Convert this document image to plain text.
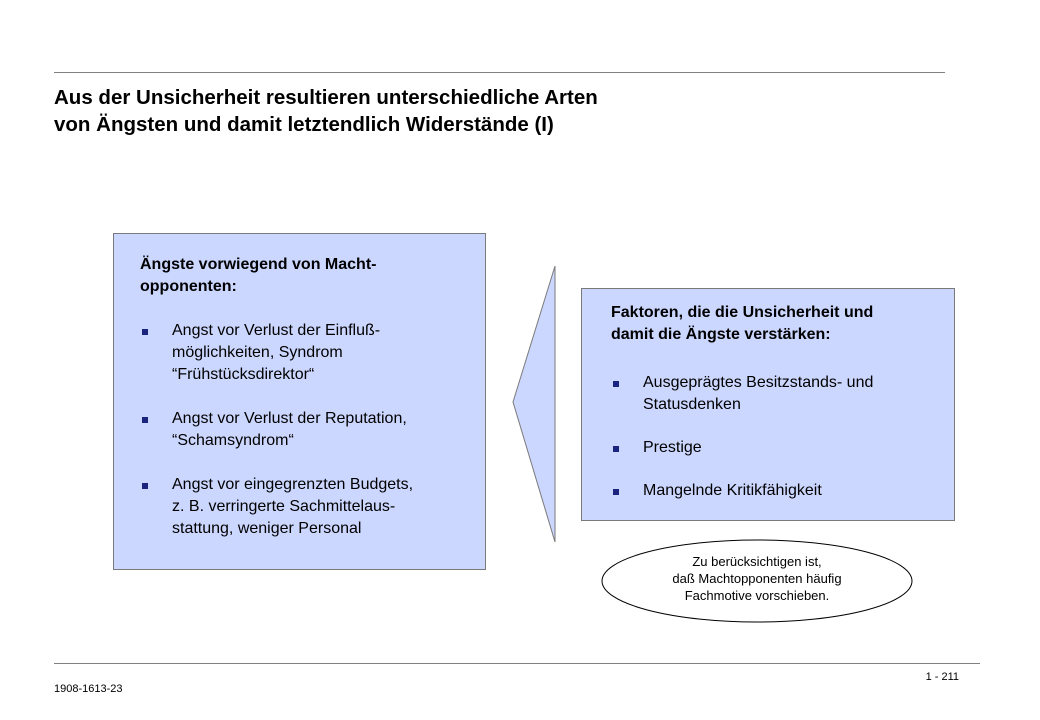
Aus der Unsicherheit resultieren unterschiedliche Arten
von Ängsten und damit letztendlich Widerstände (I)
Ängste vorwiegend von Macht-
opponenten:
Angst vor Verlust der Einfluß-
möglichkeiten, Syndrom
“Frühstücksdirektor“
Angst vor Verlust der Reputation,
“Schamsyndrom“
Angst vor eingegrenzten Budgets,
z. B. verringerte Sachmittelaus-
stattung, weniger Personal
Faktoren, die die Unsicherheit und
damit die Ängste verstärken:
Ausgeprägtes Besitzstands- und
Statusdenken
Prestige
Mangelnde Kritikfähigkeit
Zu berücksichtigen ist,
daß Machtopponenten häufig
Fachmotive vorschieben.
1908-1613-23
1 - 211
